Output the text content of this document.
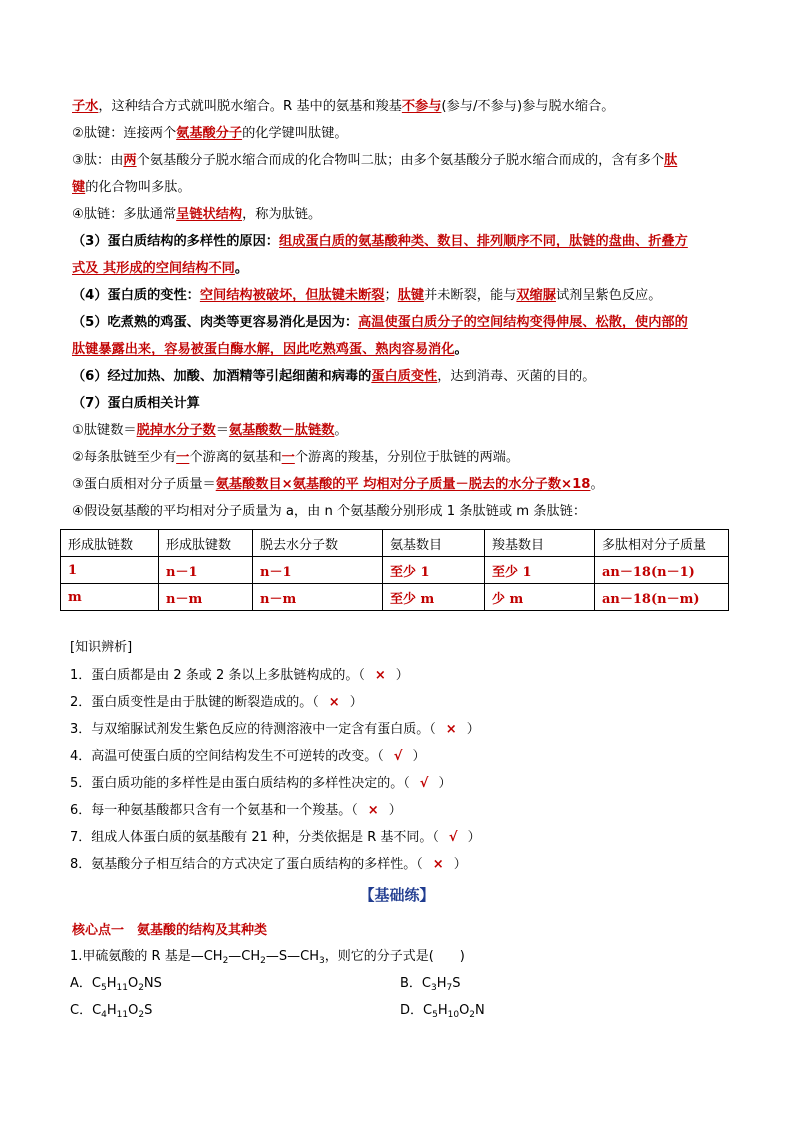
子水，这种结合方式就叫脱水缩合。R 基中的氨基和羧基不参与(参与/不参与)参与脱水缩合。
②肽键：连接两个氨基酸分子的化学键叫肽键。
③肽：由两个氨基酸分子脱水缩合而成的化合物叫二肽；由多个氨基酸分子脱水缩合而成的，含有多个肽
键的化合物叫多肽。
④肽链：多肽通常呈链状结构，称为肽链。
（3）蛋白质结构的多样性的原因：组成蛋白质的氨基酸种类、数目、排列顺序不同，肽链的盘曲、折叠方
式及 其形成的空间结构不同。
（4）蛋白质的变性：空间结构被破坏，但肽键未断裂；肽键并未断裂，能与双缩脲试剂呈紫色反应。
（5）吃煮熟的鸡蛋、肉类等更容易消化是因为：高温使蛋白质分子的空间结构变得伸展、松散，使内部的
肽键暴露出来，容易被蛋白酶水解，因此吃熟鸡蛋、熟肉容易消化。
（6）经过加热、加酸、加酒精等引起细菌和病毒的蛋白质变性，达到消毒、灭菌的目的。
（7）蛋白质相关计算
①肽键数＝脱掉水分子数＝氨基酸数－肽链数。
②每条肽链至少有一个游离的氨基和一个游离的羧基，分别位于肽链的两端。
③蛋白质相对分子质量＝氨基酸数目×氨基酸的平 均相对分子质量－脱去的水分子数×18。
④假设氨基酸的平均相对分子质量为 a，由 n 个氨基酸分别形成 1 条肽链或 m 条肽链：
形成肽链数	形成肽键数	脱去水分子数	氨基数目	羧基数目	多肽相对分子质量
1	n－1	n－1	至少 1	至少 1	an－18(n－1)
m	n－m	n－m	至少 m	少 m	an－18(n－m)
[知识辨析]
1．蛋白质都是由 2 条或 2 条以上多肽链构成的。（ × ）
2．蛋白质变性是由于肽键的断裂造成的。（ × ）
3．与双缩脲试剂发生紫色反应的待测溶液中一定含有蛋白质。（ × ）
4．高温可使蛋白质的空间结构发生不可逆转的改变。（ √ ）
5．蛋白质功能的多样性是由蛋白质结构的多样性决定的。（ √ ）
6．每一种氨基酸都只含有一个氨基和一个羧基。（ × ）
7．组成人体蛋白质的氨基酸有 21 种，分类依据是 R 基不同。（ √ ）
8．氨基酸分子相互结合的方式决定了蛋白质结构的多样性。（ × ）
【基础练】
核心点一　氨基酸的结构及其种类
1.甲硫氨酸的 R 基是$—CH_2—CH_2—S—CH_3$，则它的分子式是(　　)
A．$C_5H_{11}O_2NS$	B．$C_3H_7S$
C．$C_4H_{11}O_2S$	D．$C_5H_{10}O_2N$
